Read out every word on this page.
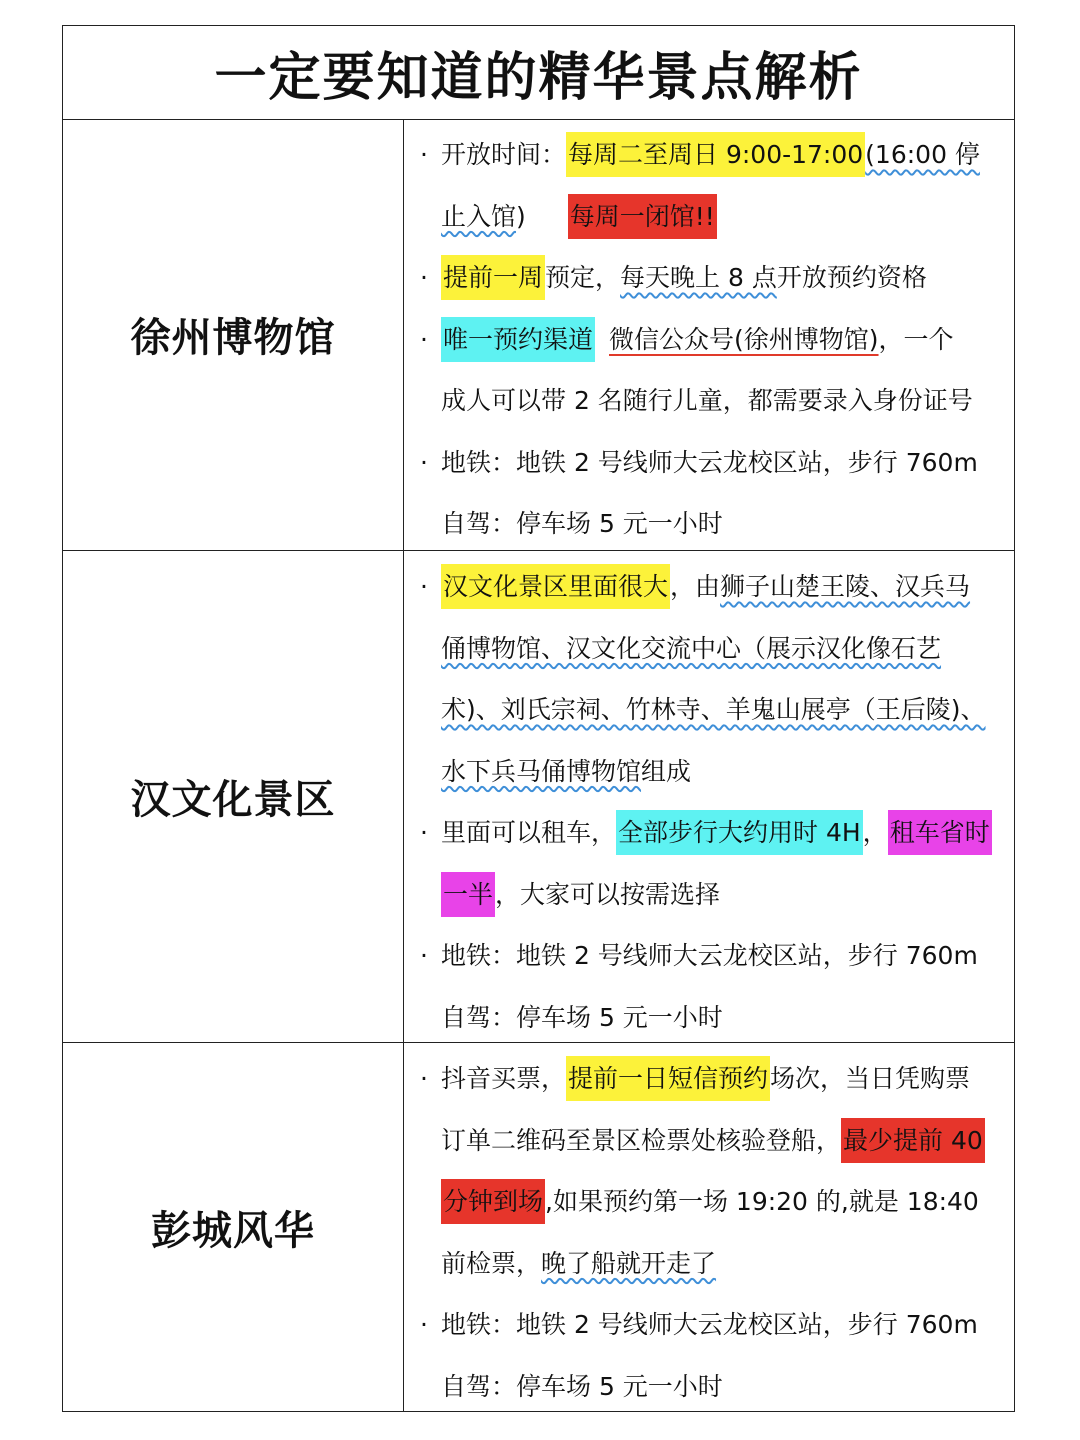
一定要知道的精华景点解析
徐州博物馆
· 开放时间：每周二至周日 9:00-17:00(16:00 停
止入馆) 每周一闭馆!!
· 提前一周预定，每天晚上 8 点开放预约资格
· 唯一预约渠道 微信公众号(徐州博物馆)，一个
成人可以带 2 名随行儿童，都需要录入身份证号
· 地铁：地铁 2 号线师大云龙校区站，步行 760m
自驾：停车场 5 元一小时
汉文化景区
· 汉文化景区里面很大，由狮子山楚王陵、汉兵马
俑博物馆、汉文化交流中心（展示汉化像石艺
术)、刘氏宗祠、竹林寺、羊鬼山展亭（王后陵)、
水下兵马俑博物馆组成
· 里面可以租车，全部步行大约用时 4H，租车省时
一半，大家可以按需选择
· 地铁：地铁 2 号线师大云龙校区站，步行 760m
自驾：停车场 5 元一小时
彭城风华
· 抖音买票，提前一日短信预约场次，当日凭购票
订单二维码至景区检票处核验登船，最少提前 40
分钟到场,如果预约第一场 19:20 的,就是 18:40
前检票，晚了船就开走了
· 地铁：地铁 2 号线师大云龙校区站，步行 760m
自驾：停车场 5 元一小时
